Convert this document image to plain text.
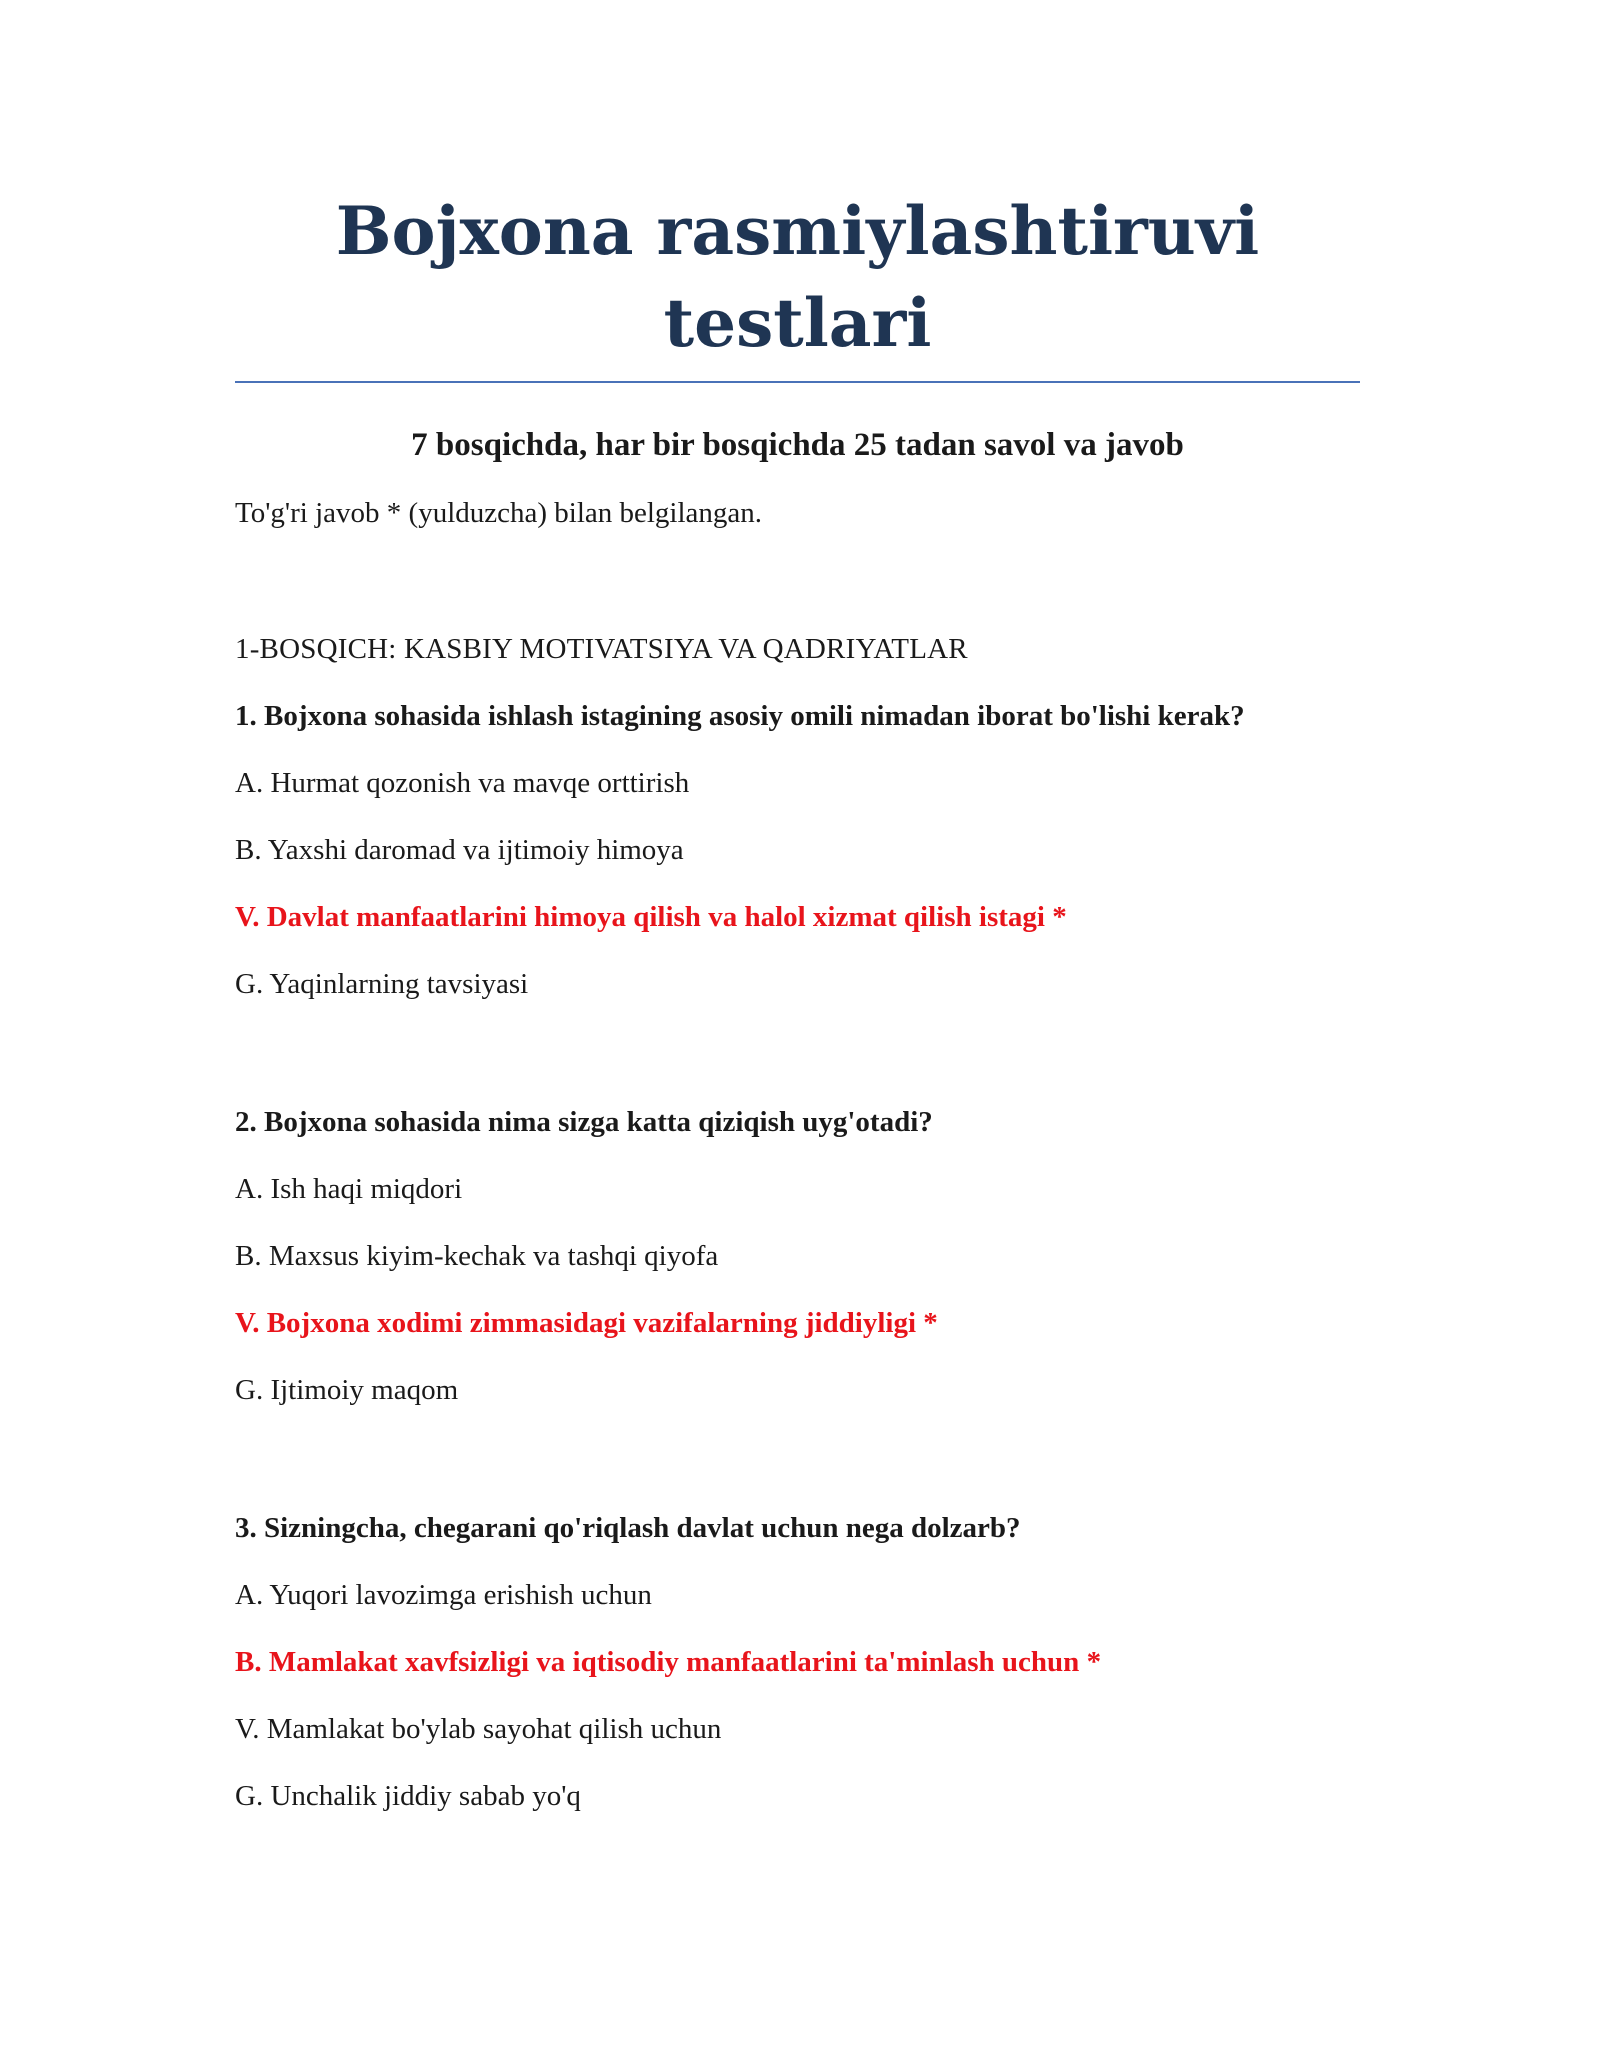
Bojxona rasmiylashtiruvi testlari

7 bosqichda, har bir bosqichda 25 tadan savol va javob

To'g'ri javob * (yulduzcha) bilan belgilangan.

1-BOSQICH: KASBIY MOTIVATSIYA VA QADRIYATLAR

1. Bojxona sohasida ishlash istagining asosiy omili nimadan iborat bo'lishi kerak?

A. Hurmat qozonish va mavqe orttirish

B. Yaxshi daromad va ijtimoiy himoya

V. Davlat manfaatlarini himoya qilish va halol xizmat qilish istagi *

G. Yaqinlarning tavsiyasi

2. Bojxona sohasida nima sizga katta qiziqish uyg'otadi?

A. Ish haqi miqdori

B. Maxsus kiyim-kechak va tashqi qiyofa

V. Bojxona xodimi zimmasidagi vazifalarning jiddiyligi *

G. Ijtimoiy maqom

3. Sizningcha, chegarani qo'riqlash davlat uchun nega dolzarb?

A. Yuqori lavozimga erishish uchun

B. Mamlakat xavfsizligi va iqtisodiy manfaatlarini ta'minlash uchun *

V. Mamlakat bo'ylab sayohat qilish uchun

G. Unchalik jiddiy sabab yo'q
